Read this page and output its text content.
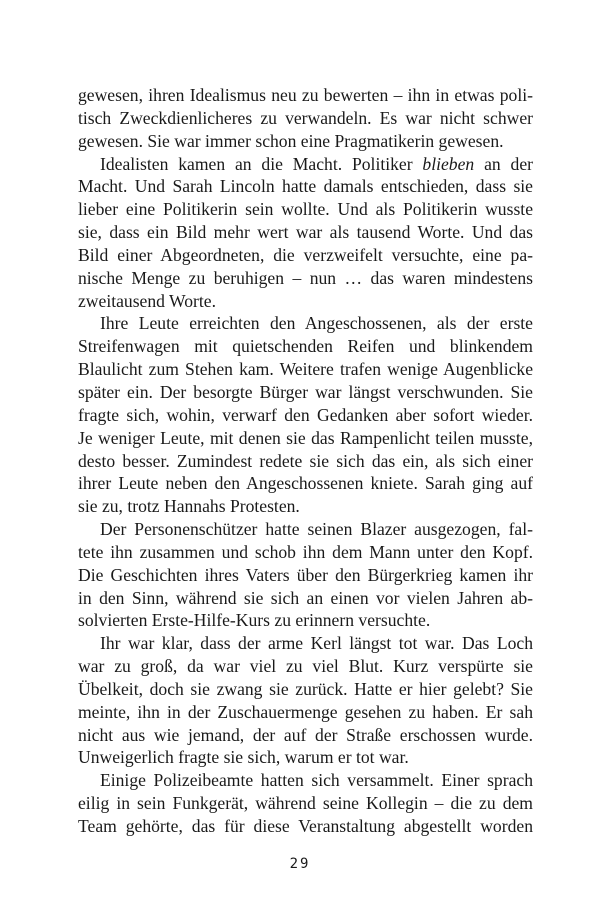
gewesen, ihren Idealismus neu zu bewerten – ihn in etwas poli-
tisch Zweckdienlicheres zu verwandeln. Es war nicht schwer
gewesen. Sie war immer schon eine Pragmatikerin gewesen.
Idealisten kamen an die Macht. Politiker blieben an der
Macht. Und Sarah Lincoln hatte damals entschieden, dass sie
lieber eine Politikerin sein wollte. Und als Politikerin wusste
sie, dass ein Bild mehr wert war als tausend Worte. Und das
Bild einer Abgeordneten, die verzweifelt versuchte, eine pa-
nische Menge zu beruhigen – nun … das waren mindestens
zweitausend Worte.
Ihre Leute erreichten den Angeschossenen, als der erste
Streifenwagen mit quietschenden Reifen und blinkendem
Blaulicht zum Stehen kam. Weitere trafen wenige Augenblicke
später ein. Der besorgte Bürger war längst verschwunden. Sie
fragte sich, wohin, verwarf den Gedanken aber sofort wieder.
Je weniger Leute, mit denen sie das Rampenlicht teilen musste,
desto besser. Zumindest redete sie sich das ein, als sich einer
ihrer Leute neben den Angeschossenen kniete. Sarah ging auf
sie zu, trotz Hannahs Protesten.
Der Personenschützer hatte seinen Blazer ausgezogen, fal-
tete ihn zusammen und schob ihn dem Mann unter den Kopf.
Die Geschichten ihres Vaters über den Bürgerkrieg kamen ihr
in den Sinn, während sie sich an einen vor vielen Jahren ab-
solvierten Erste-Hilfe-Kurs zu erinnern versuchte.
Ihr war klar, dass der arme Kerl längst tot war. Das Loch
war zu groß, da war viel zu viel Blut. Kurz verspürte sie
Übelkeit, doch sie zwang sie zurück. Hatte er hier gelebt? Sie
meinte, ihn in der Zuschauermenge gesehen zu haben. Er sah
nicht aus wie jemand, der auf der Straße erschossen wurde.
Unweigerlich fragte sie sich, warum er tot war.
Einige Polizeibeamte hatten sich versammelt. Einer sprach
eilig in sein Funkgerät, während seine Kollegin – die zu dem
Team gehörte, das für diese Veranstaltung abgestellt worden
29
